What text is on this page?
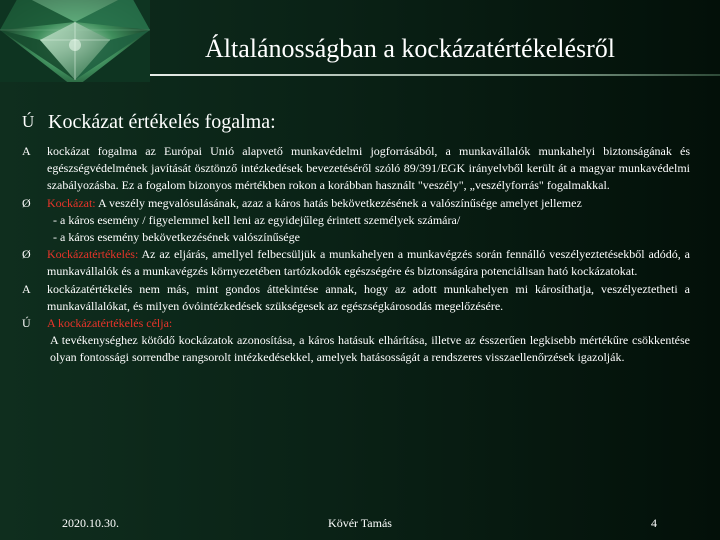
Általánosságban a kockázatértékelésről
Ú Kockázat értékelés fogalma:

A	kockázat fogalma az Európai Unió alapvető munkavédelmi jogforrásából, a munkavállalók munkahelyi biztonságának és egészségvédelmének javítását ösztönző intézkedések bevezetéséről szóló 89/391/EGK irányelvből került át a magyar munkavédelmi szabályozásba. Ez a fogalom bizonyos mértékben rokon a korábban használt "veszély", „veszélyforrás" fogalmakkal.

Ø	Kockázat: A veszély megvalósulásának, azaz a káros hatás bekövetkezésének a valószínűsége amelyet jellemez

- a káros esemény / figyelemmel kell leni az egyidejűleg érintett személyek számára/

- a káros esemény bekövetkezésének valószínűsége

Ø	Kockázatértékelés: Az az eljárás, amellyel felbecsüljük a munkahelyen a munkavégzés során fennálló veszélyeztetésekből adódó, a munkavállalók és a munkavégzés környezetében tartózkodók egészségére és biztonságára potenciálisan ható kockázatokat.

A	kockázatértékelés nem más, mint gondos áttekintése annak, hogy az adott munkahelyen mi károsíthatja, veszélyeztetheti a munkavállalókat, és milyen óvóintézkedések szükségesek az egészségkárosodás megelőzésére.

Ú	A kockázatértékelés célja:

A tevékenységhez kötődő kockázatok azonosítása, a káros hatásuk elhárítása, illetve az ésszerűen legkisebb mértékűre csökkentése olyan fontossági sorrendbe rangsorolt intézkedésekkel, amelyek hatásosságát a rendszeres visszaellenőrzések igazolják.

2020.10.30.	Kövér Tamás	4
